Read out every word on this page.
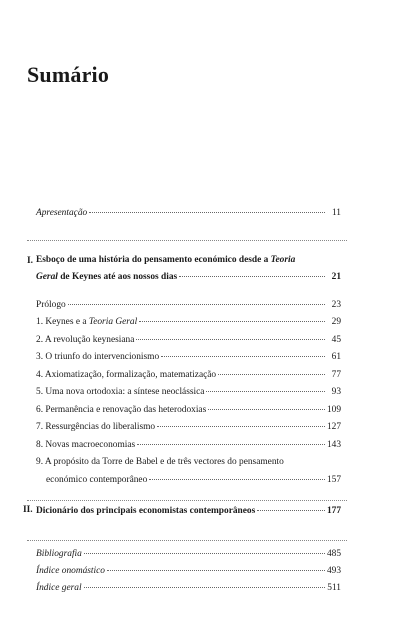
Sumário
Apresentação	11
I. Esboço de uma história do pensamento económico desde a Teoria
Geral de Keynes até aos nossos dias	21
Prólogo	23
1. Keynes e a Teoria Geral	29
2. A revolução keynesiana	45
3. O triunfo do intervencionismo	61
4. Axiomatização, formalização, matematização	77
5. Uma nova ortodoxia: a síntese neoclássica	93
6. Permanência e renovação das heterodoxias	109
7. Ressurgências do liberalismo	127
8. Novas macroeconomias	143
9. A propósito da Torre de Babel e de três vectores do pensamento
económico contemporâneo	157
II. Dicionário dos principais economistas contemporâneos	177
Bibliografia	485
Índice onomástico	493
Índice geral	511
